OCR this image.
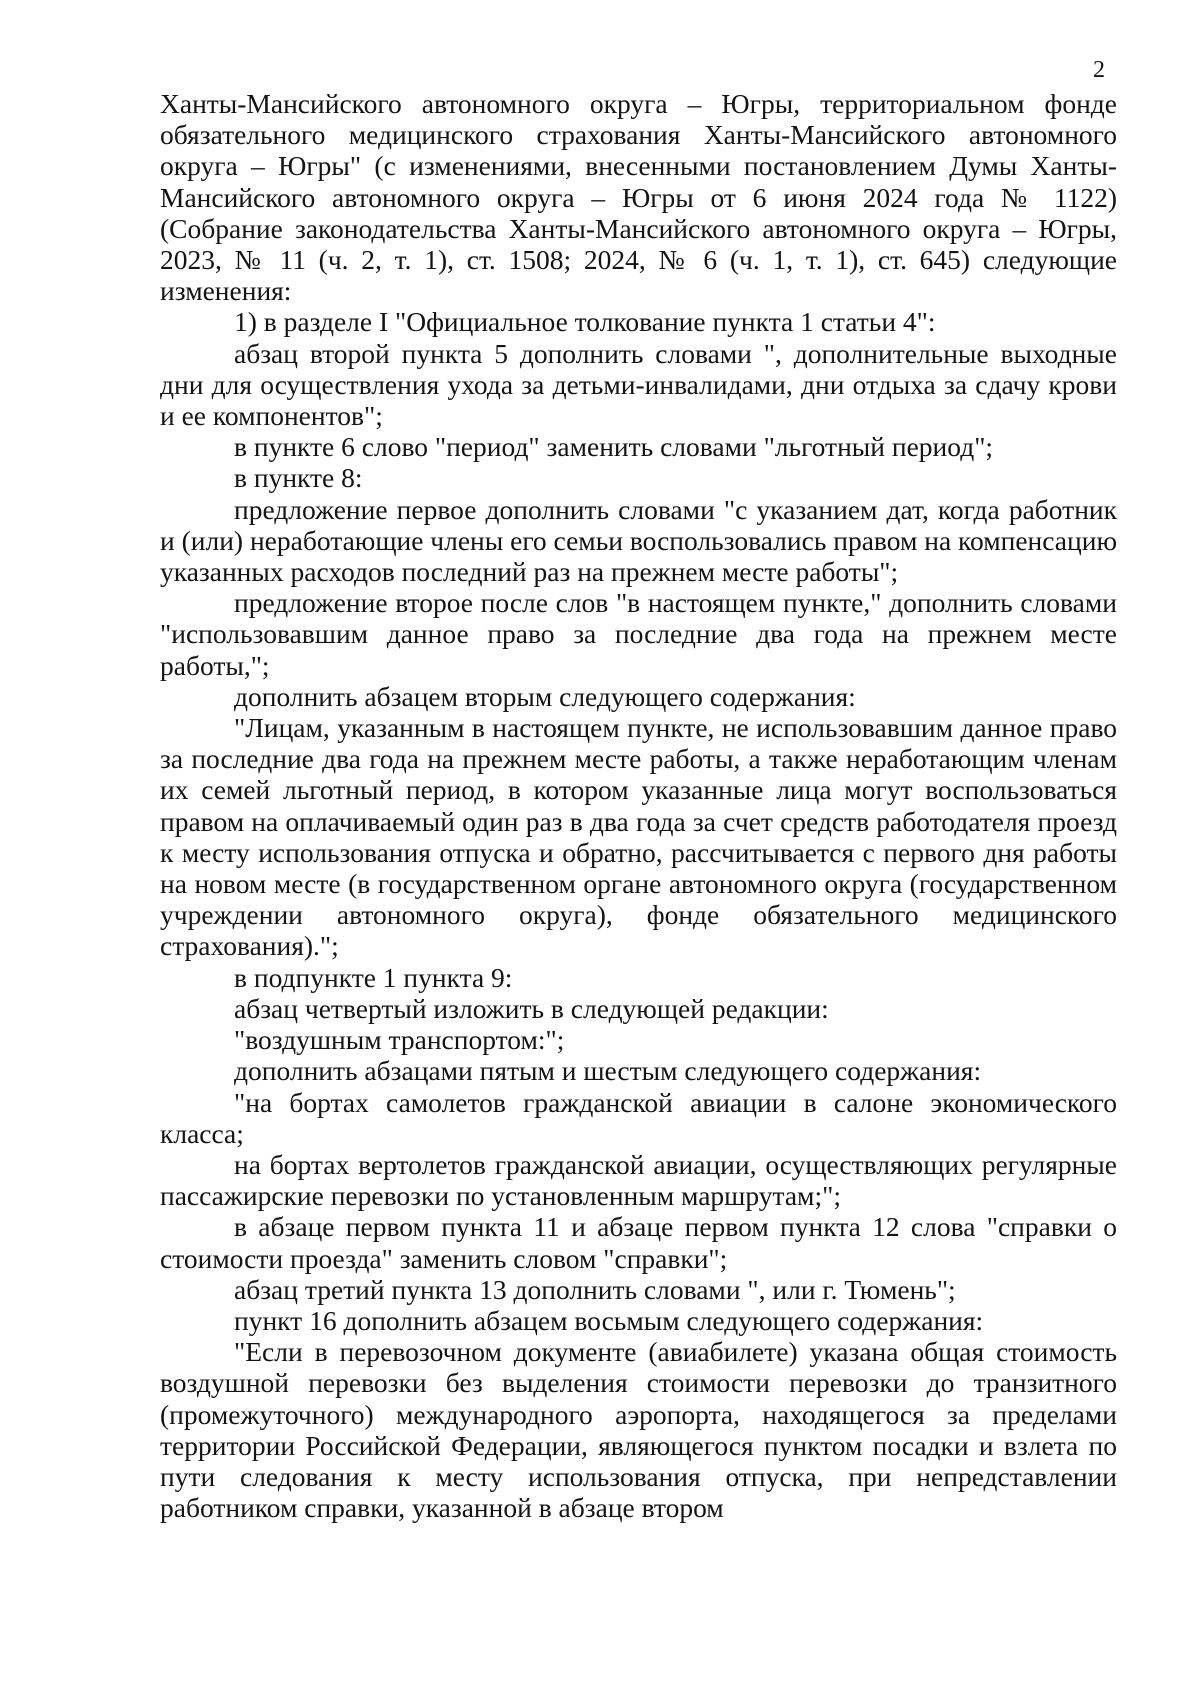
2

Ханты-Мансийского автономного округа – Югры, территориальном фонде обязательного медицинского страхования Ханты-Мансийского автономного округа – Югры" (с изменениями, внесенными постановлением Думы Ханты-Мансийского автономного округа – Югры от 6 июня 2024 года № 1122) (Собрание законодательства Ханты-Мансийского автономного округа – Югры, 2023, № 11 (ч. 2, т. 1), ст. 1508; 2024, № 6 (ч. 1, т. 1), ст. 645) следующие изменения:

1) в разделе I "Официальное толкование пункта 1 статьи 4":

абзац второй пункта 5 дополнить словами ", дополнительные выходные дни для осуществления ухода за детьми-инвалидами, дни отдыха за сдачу крови и ее компонентов";

в пункте 6 слово "период" заменить словами "льготный период";

в пункте 8:

предложение первое дополнить словами "с указанием дат, когда работник и (или) неработающие члены его семьи воспользовались правом на компенсацию указанных расходов последний раз на прежнем месте работы";

предложение второе после слов "в настоящем пункте," дополнить словами "использовавшим данное право за последние два года на прежнем месте работы,";

дополнить абзацем вторым следующего содержания:

"Лицам, указанным в настоящем пункте, не использовавшим данное право за последние два года на прежнем месте работы, а также неработающим членам их семей льготный период, в котором указанные лица могут воспользоваться правом на оплачиваемый один раз в два года за счет средств работодателя проезд к месту использования отпуска и обратно, рассчитывается с первого дня работы на новом месте (в государственном органе автономного округа (государственном учреждении автономного округа), фонде обязательного медицинского страхования).";

в подпункте 1 пункта 9:

абзац четвертый изложить в следующей редакции:

"воздушным транспортом:";

дополнить абзацами пятым и шестым следующего содержания:

"на бортах самолетов гражданской авиации в салоне экономического класса;

на бортах вертолетов гражданской авиации, осуществляющих регулярные пассажирские перевозки по установленным маршрутам;";

в абзаце первом пункта 11 и абзаце первом пункта 12 слова "справки о стоимости проезда" заменить словом "справки";

абзац третий пункта 13 дополнить словами ", или г. Тюмень";

пункт 16 дополнить абзацем восьмым следующего содержания:

"Если в перевозочном документе (авиабилете) указана общая стоимость воздушной перевозки без выделения стоимости перевозки до транзитного (промежуточного) международного аэропорта, находящегося за пределами территории Российской Федерации, являющегося пунктом посадки и взлета по пути следования к месту использования отпуска, при непредставлении работником справки, указанной в абзаце втором
